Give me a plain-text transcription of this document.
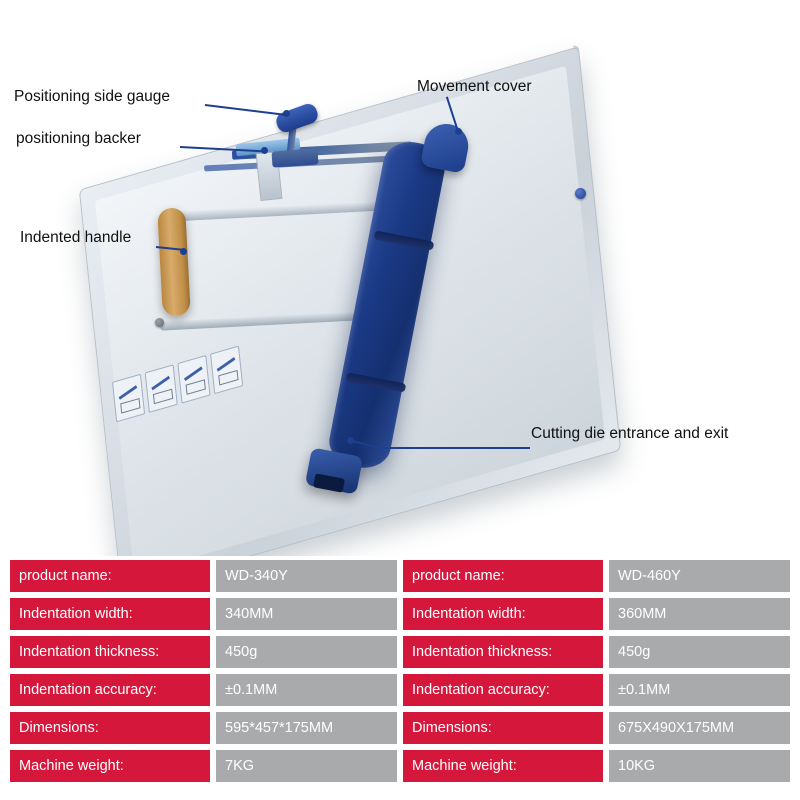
Positioning side gauge
positioning backer
Indented handle
Movement cover
Cutting die entrance and exit
product name:	WD-340Y
Indentation width:	340MM
Indentation thickness:	450g
Indentation accuracy:	±0.1MM
Dimensions:	595*457*175MM
Machine weight:	7KG
product name:	WD-460Y
Indentation width:	360MM
Indentation thickness:	450g
Indentation accuracy:	±0.1MM
Dimensions:	675X490X175MM
Machine weight:	10KG
